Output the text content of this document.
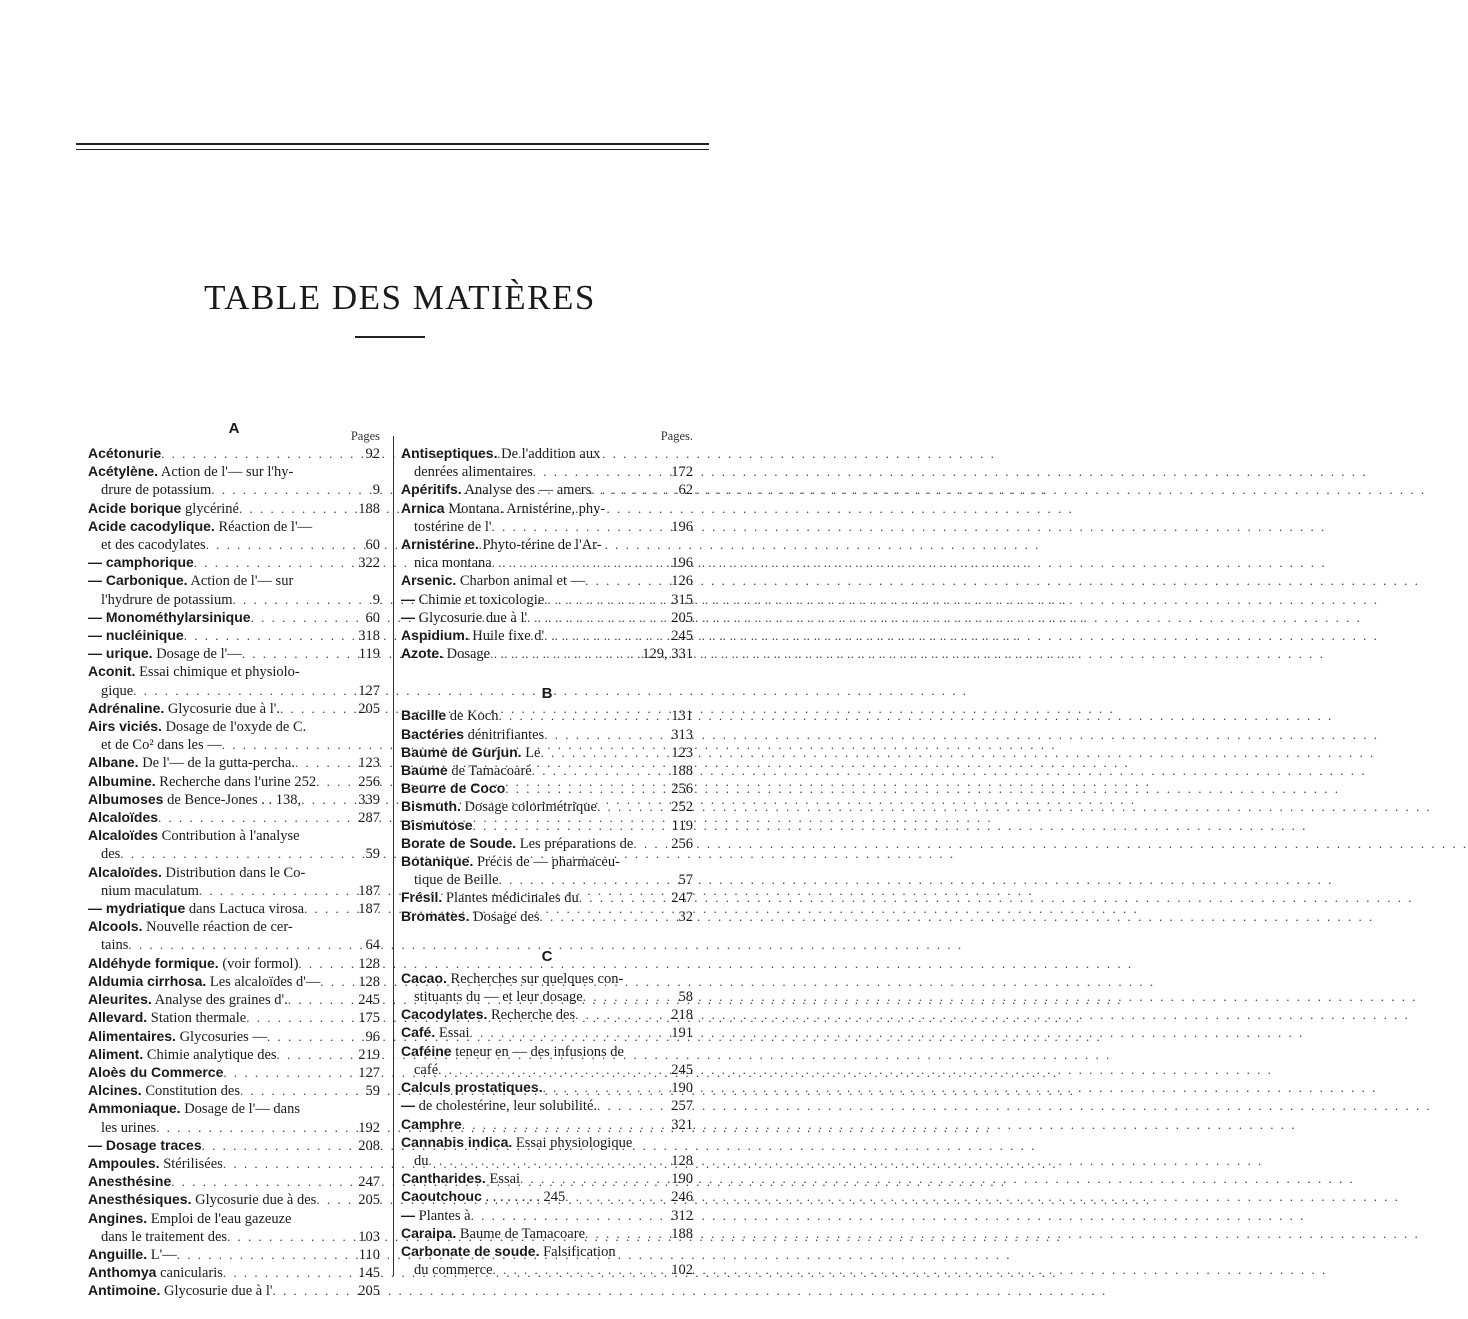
TABLE DES MATIÈRES
A	Pages
Acétonurie . . .	92
Acétylène. Action de l'— sur l'hy-
drure de potassium . . .	9
Acide borique glycériné . . .	188
Acide cacodylique. Réaction de l'—
et des cacodylates . . .	60
— camphorique . . .	322
— Carbonique. Action de l'— sur
l'hydrure de potassium . . .	9
— Monométhylarsinique . . .	60
— nucléinique . . .	318
— urique. Dosage de l'— . . .	119
Aconit. Essai chimique et physiolo-
gique . . .	127
Adrénaline. Glycosurie due à l'. . . .	205
Airs viciés. Dosage de l'oxyde de C.
et de Co² dans les —
. . .
Albane. De l'— de la gutta-percha. . . .	123
Albumine. Recherche dans l'urine 252 . . .	256
Albumoses de Bence-Jones . . 138, . . .	339
Alcaloïdes . . .	287
Alcaloïdes Contribution à l'analyse
des . . .	59
Alcaloïdes. Distribution dans le Co-
nium maculatum . . .	187
— mydriatique dans Lactuca virosa . . .	187
Alcools. Nouvelle réaction de cer-
tains . . .	64
Aldéhyde formique. (voir formol) . . .	128
Aldumia cirrhosa. Les alcaloïdes d'— . . .	128
Aleurites. Analyse des graines d'. . . .	245
Allevard. Station thermale . . .	175
Alimentaires. Glycosuries — . . .	96
Aliment. Chimie analytique des . . .	219
Aloès du Commerce . . .	127
Alcines. Constitution des . . .	59
Ammoniaque. Dosage de l'— dans
les urines . . .	192
— Dosage traces . . .	208
Ampoules. Stérilisées
. . .
Anesthésine . . .	247
Anesthésiques. Glycosurie due à des . . .	205
Angines. Emploi de l'eau gazeuze
dans le traitement des . . .	103
Anguille. L'— . . .	110
Anthomya canicularis . . .	145
Antimoine. Glycosurie due à l' . . .	205
Pages.
Antiseptiques. De l'addition aux
denrées alimentaires . . .	172
Apéritifs. Analyse des — amers . . .	62
Arnica Montana. Arnistérine, phy-
tostérine de l' . . .	196
Arnistérine. Phyto-térine de l'Ar-
nica montana . . .	196
Arsenic. Charbon animal et — . . .	126
— Chimie et toxicologie . . .	315
— Glycosurie due à l' . . .	205
Aspidium. Huile fixe d' . . .	245
Azote. Dosage . . .	129, 331
B
Bacille de Koch . . .	131
Bactéries dénitrifiantes . . .	313
Baume de Gurjun. Le . . .	123
Baume de Tamacoaré . . .	188
Beurre de Coco . . .	256
Bismuth. Dosage colorimétrique . . .	252
Bismutose . . .	119
Borate de Soude. Les préparations de . . .	256
Botanique. Précis de — pharmaceu-
tique de Beille . . .	57
Frésil. Plantes médicinales du . . .	247
Bromates. Dosage des . . .	32
C
Cacao. Recherches sur quelques con-
stituants du — et leur dosage . . .	58
Cacodylates. Recherche des . . .	218
Café. Essai . . .	191
Caféine teneur en — des infusions de
café . . .	245
Calculs prostatiques. . . .	190
— de cholestérine, leur solubilité. . . .	257
Camphre . . .	321
Cannabis indica. Essai physiologique
du . . .	128
Cantharides. Essai . . .	190
Caoutchouc . . . . . . . . 245 . . .	246
— Plantes à . . .	312
Caraipa. Baume de Tamacoare . . .	188
Carbonate de soude. Falsification
du commerce . . .	102
